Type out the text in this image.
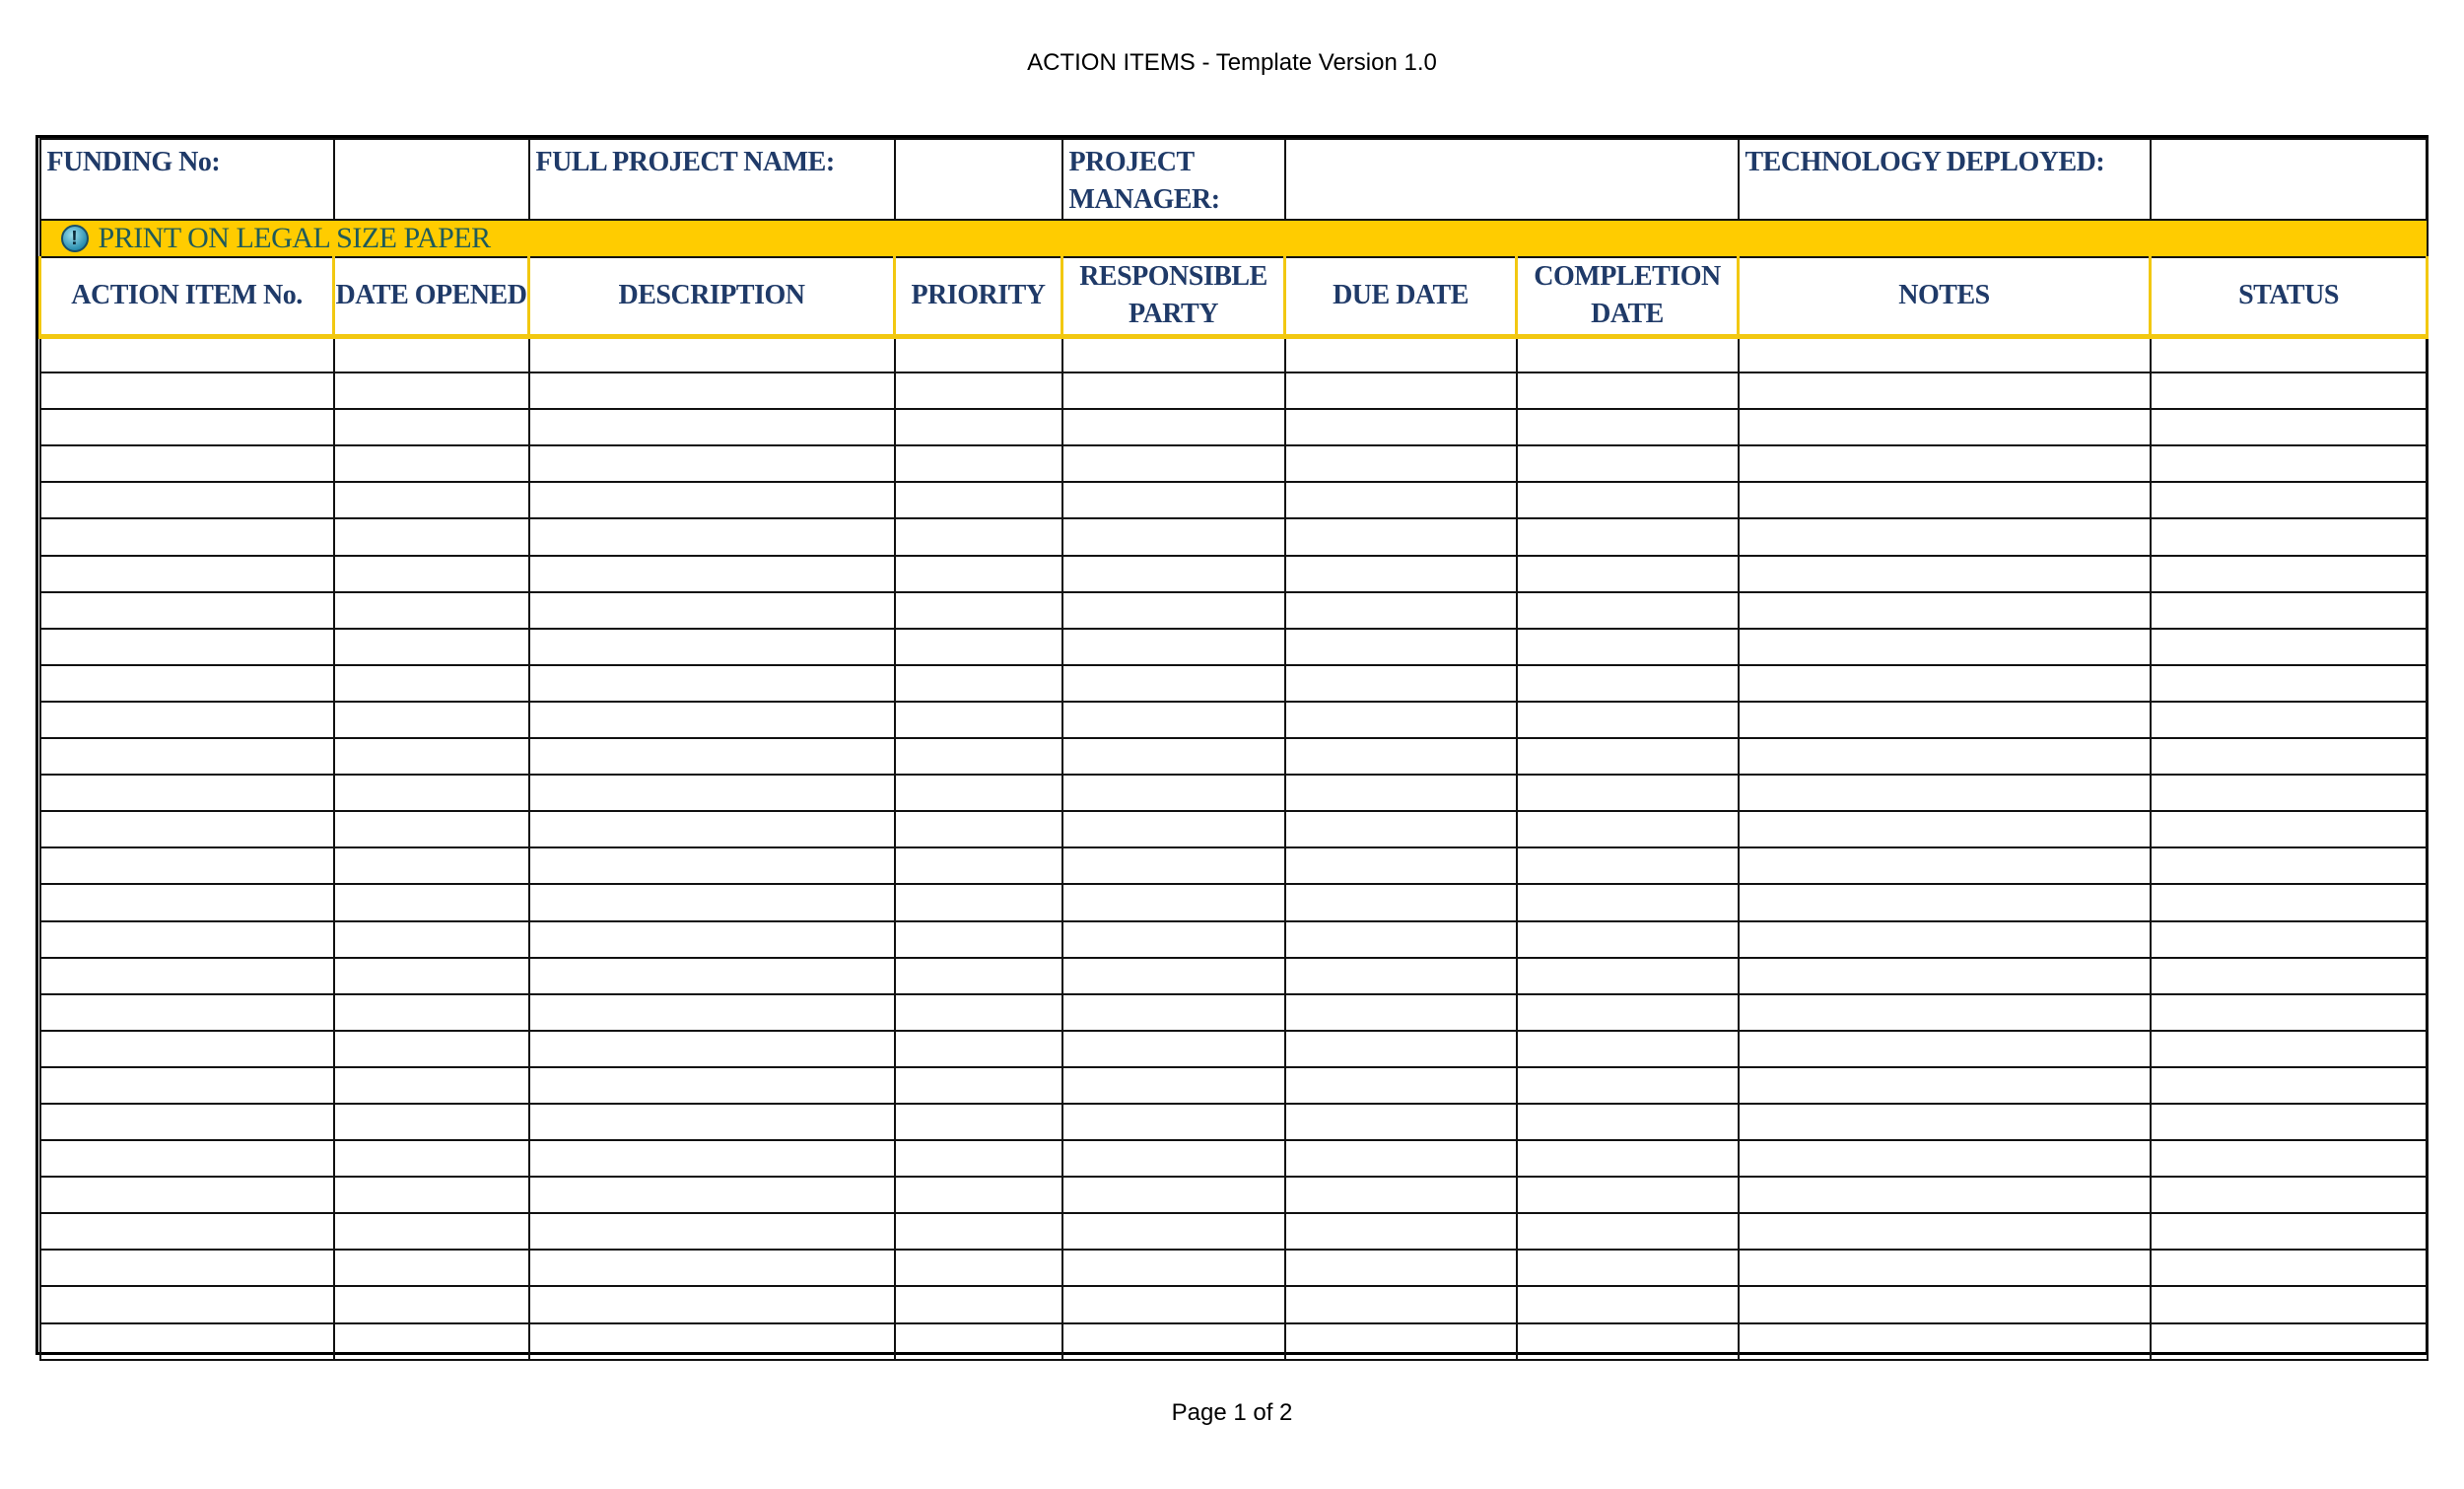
ACTION ITEMS - Template Version 1.0
FUNDING No:		FULL PROJECT NAME:		PROJECT MANAGER:			TECHNOLOGY DEPLOYED:	

! PRINT ON LEGAL SIZE PAPER								

ACTION ITEM No.	DATE OPENED	DESCRIPTION	PRIORITY	RESPONSIBLE PARTY	DUE DATE	COMPLETION DATE	NOTES	STATUS

Page 1 of 2
